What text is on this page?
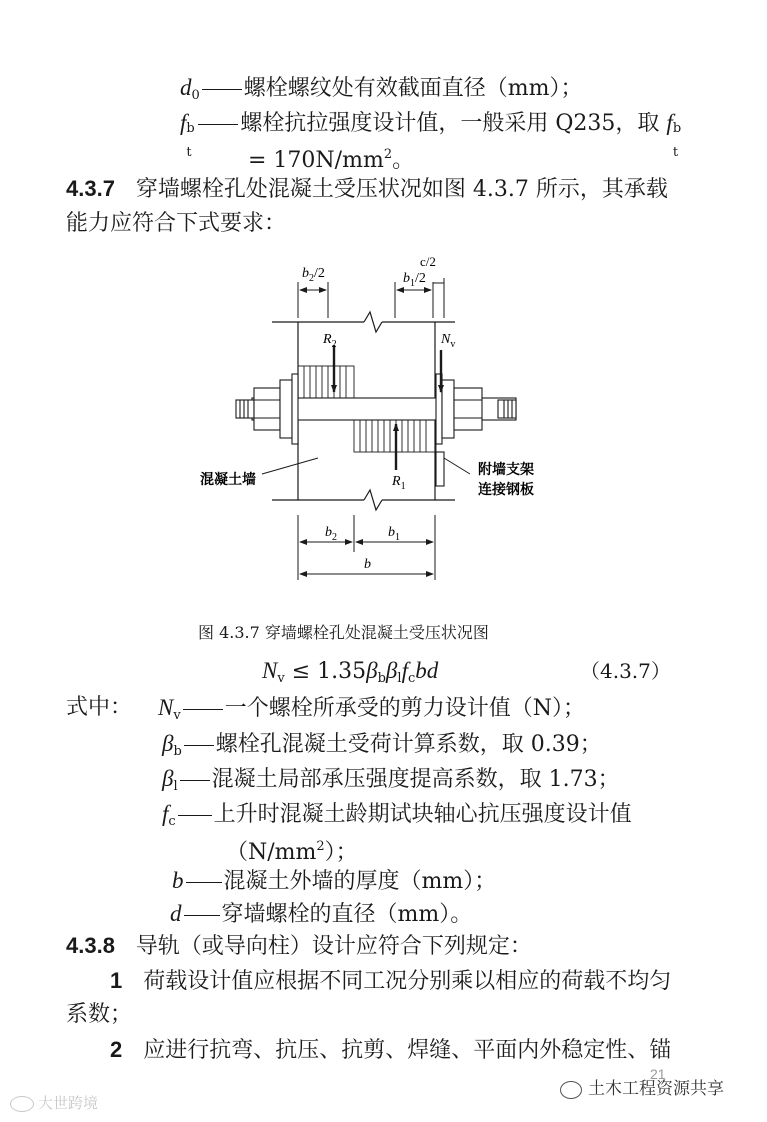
$d_0$ 螺栓螺纹处有效截面直径（mm）；
f b
t
螺栓抗拉强度设计值，一般采用 Q235，取 f b
t
= $170N/mm^2$。
4.3.7 穿墙螺栓孔处混凝土受压状况如图 4.3.7 所示，其承载
能力应符合下式要求：
$b_2/2$	$b_1/2$
c/2
$R_2$
$R_1$
$N_v$
混凝土墙
附墙支架
连接钢板
$b_2$	$b_1$
b
图 4.3.7 穿墙螺栓孔处混凝土受压状况图
$N_v \le 1.35\beta_b\beta_lf_cbd$	（4.3.7）
式中： $N_v$ 一个螺栓所承受的剪力设计值（N）；
$\beta_b$ 螺栓孔混凝土受荷计算系数，取 0.39；
$\beta_l$ 混凝土局部承压强度提高系数，取 1.73；
$f_c$ 上升时混凝土龄期试块轴心抗压强度设计值
$(N/mm^2)$；
b 混凝土外墙的厚度（mm）；
d 穿墙螺栓的直径（mm）。
4.3.8 导轨（或导向柱）设计应符合下列规定：
1 荷载设计值应根据不同工况分别乘以相应的荷载不均匀
系数；
2 应进行抗弯、抗压、抗剪、焊缝、平面内外稳定性、锚
大世跨境
土木工程资源共享
21
